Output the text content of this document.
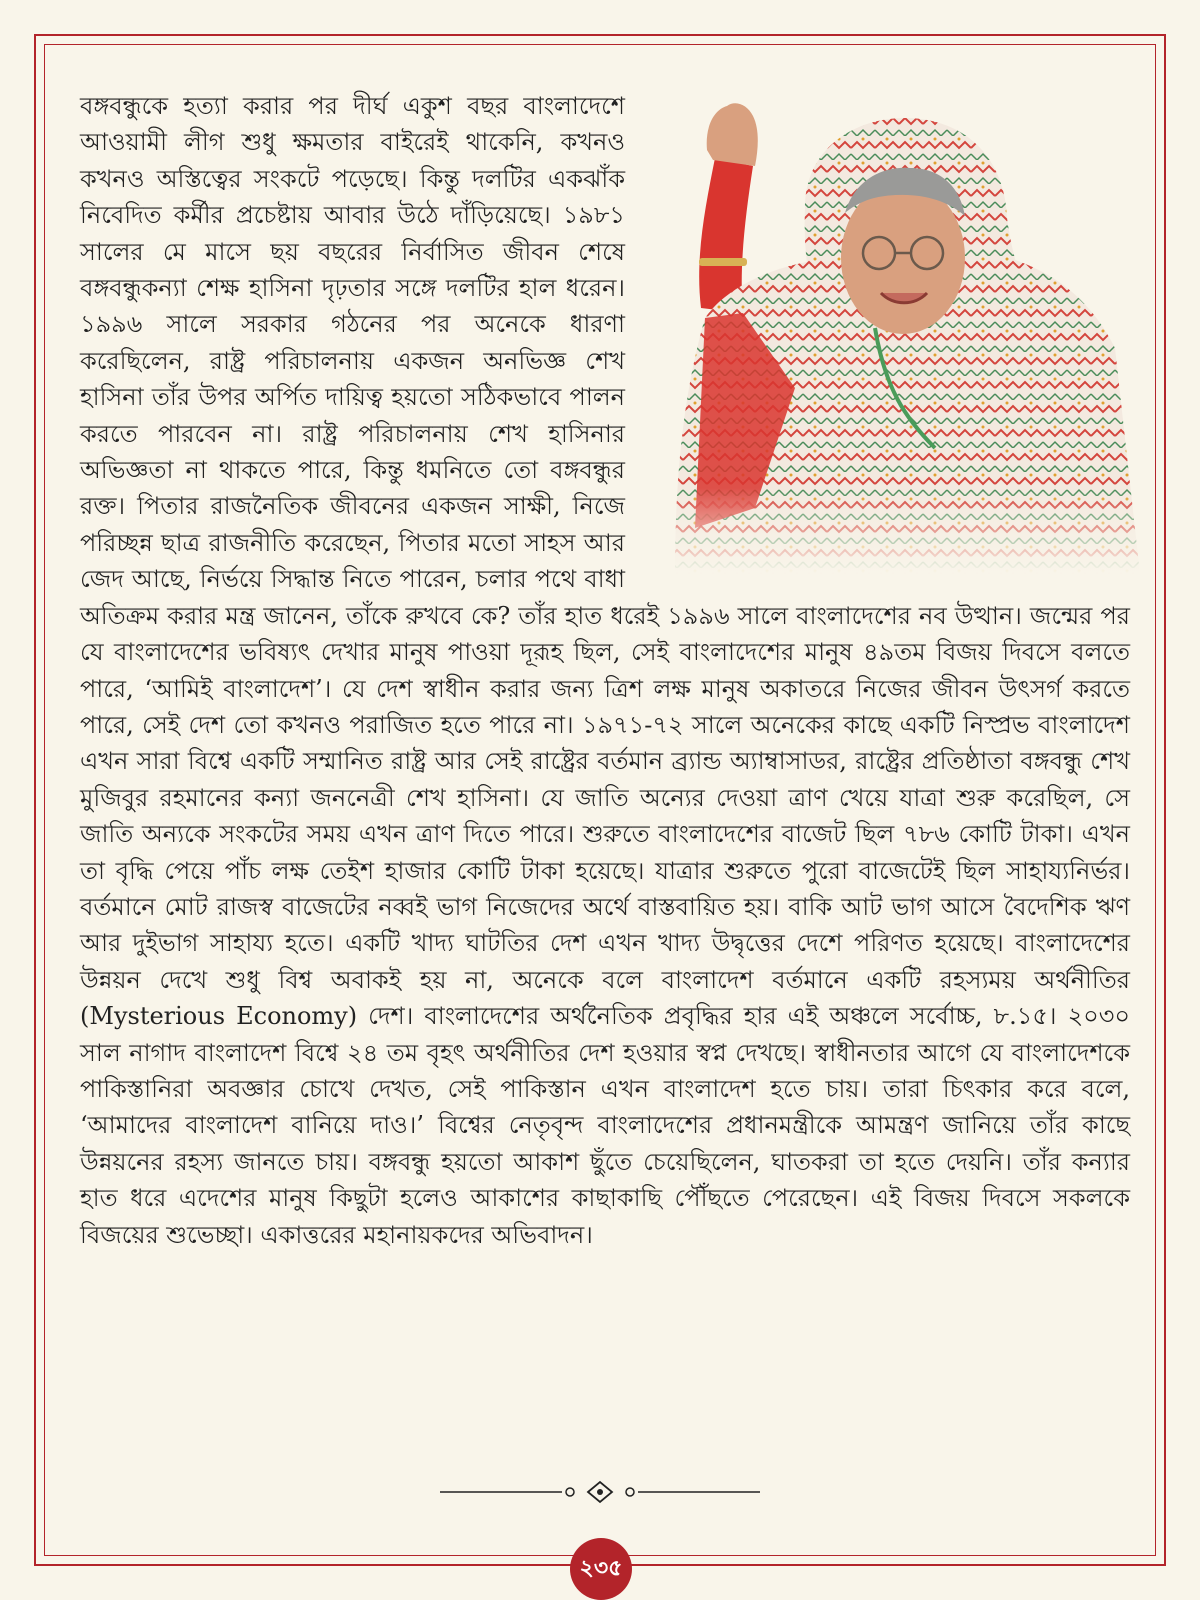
বঙ্গবন্ধুকে হত্যা করার পর দীর্ঘ একুশ বছর বাংলাদেশে আওয়ামী লীগ শুধু ক্ষমতার বাইরেই থাকেনি, কখনও কখনও অস্তিত্বের সংকটে পড়েছে। কিন্তু দলটির একঝাঁক নিবেদিত কর্মীর প্রচেষ্টায় আবার উঠে দাঁড়িয়েছে। ১৯৮১ সালের মে মাসে ছয় বছরের নির্বাসিত জীবন শেষে বঙ্গবন্ধুকন্যা শেক্ষ হাসিনা দৃঢ়তার সঙ্গে দলটির হাল ধরেন। ১৯৯৬ সালে সরকার গঠনের পর অনেকে ধারণা করেছিলেন, রাষ্ট্র পরিচালনায় একজন অনভিজ্ঞ শেখ হাসিনা তাঁর উপর অর্পিত দায়িত্ব হয়তো সঠিকভাবে পালন করতে পারবেন না। রাষ্ট্র পরিচালনায় শেখ হাসিনার অভিজ্ঞতা না থাকতে পারে, কিন্তু ধমনিতে তো বঙ্গবন্ধুর রক্ত। পিতার রাজনৈতিক জীবনের একজন সাক্ষী, নিজে পরিচ্ছন্ন ছাত্র রাজনীতি করেছেন, পিতার মতো সাহস আর জেদ আছে, নির্ভয়ে সিদ্ধান্ত নিতে পারেন, চলার পথে বাধা অতিক্রম করার মন্ত্র জানেন, তাঁকে রুখবে কে? তাঁর হাত ধরেই ১৯৯৬ সালে বাংলাদেশের নব উত্থান। জন্মের পর যে বাংলাদেশের ভবিষ্যৎ দেখার মানুষ পাওয়া দূরূহ ছিল, সেই বাংলাদেশের মানুষ ৪৯তম বিজয় দিবসে বলতে পারে, ‘আমিই বাংলাদেশ’। যে দেশ স্বাধীন করার জন্য ত্রিশ লক্ষ মানুষ অকাতরে নিজের জীবন উৎসর্গ করতে পারে, সেই দেশ তো কখনও পরাজিত হতে পারে না। ১৯৭১-৭২ সালে অনেকের কাছে একটি নিস্প্রভ বাংলাদেশ এখন সারা বিশ্বে একটি সম্মানিত রাষ্ট্র আর সেই রাষ্ট্রের বর্তমান ব্র্যান্ড অ্যাম্বাসাডর, রাষ্ট্রের প্রতিষ্ঠাতা বঙ্গবন্ধু শেখ মুজিবুর রহমানের কন্যা জননেত্রী শেখ হাসিনা। যে জাতি অন্যের দেওয়া ত্রাণ খেয়ে যাত্রা শুরু করেছিল, সে জাতি অন্যকে সংকটের সময় এখন ত্রাণ দিতে পারে। শুরুতে বাংলাদেশের বাজেট ছিল ৭৮৬ কোটি টাকা। এখন তা বৃদ্ধি পেয়ে পাঁচ লক্ষ তেইশ হাজার কোটি টাকা হয়েছে। যাত্রার শুরুতে পুরো বাজেটেই ছিল সাহায্যনির্ভর। বর্তমানে মোট রাজস্ব বাজেটের নব্বই ভাগ নিজেদের অর্থে বাস্তবায়িত হয়। বাকি আট ভাগ আসে বৈদেশিক ঋণ আর দুইভাগ সাহায্য হতে। একটি খাদ্য ঘাটতির দেশ এখন খাদ্য উদ্বৃত্তের দেশে পরিণত হয়েছে। বাংলাদেশের উন্নয়ন দেখে শুধু বিশ্ব অবাকই হয় না, অনেকে বলে বাংলাদেশ বর্তমানে একটি রহস্যময় অর্থনীতির (Mysterious Economy) দেশ। বাংলাদেশের অর্থনৈতিক প্রবৃদ্ধির হার এই অঞ্চলে সর্বোচ্চ, ৮.১৫। ২০৩০ সাল নাগাদ বাংলাদেশ বিশ্বে ২৪ তম বৃহৎ অর্থনীতির দেশ হওয়ার স্বপ্ন দেখছে। স্বাধীনতার আগে যে বাংলাদেশকে পাকিস্তানিরা অবজ্ঞার চোখে দেখত, সেই পাকিস্তান এখন বাংলাদেশ হতে চায়। তারা চিৎকার করে বলে, ‘আমাদের বাংলাদেশ বানিয়ে দাও।’ বিশ্বের নেতৃবৃন্দ বাংলাদেশের প্রধানমন্ত্রীকে আমন্ত্রণ জানিয়ে তাঁর কাছে উন্নয়নের রহস্য জানতে চায়। বঙ্গবন্ধু হয়তো আকাশ ছুঁতে চেয়েছিলেন, ঘাতকরা তা হতে দেয়নি। তাঁর কন্যার হাত ধরে এদেশের মানুষ কিছুটা হলেও আকাশের কাছাকাছি পৌঁছতে পেরেছেন। এই বিজয় দিবসে সকলকে বিজয়ের শুভেচ্ছা। একাত্তরের মহানায়কদের অভিবাদন।

২৩৫
